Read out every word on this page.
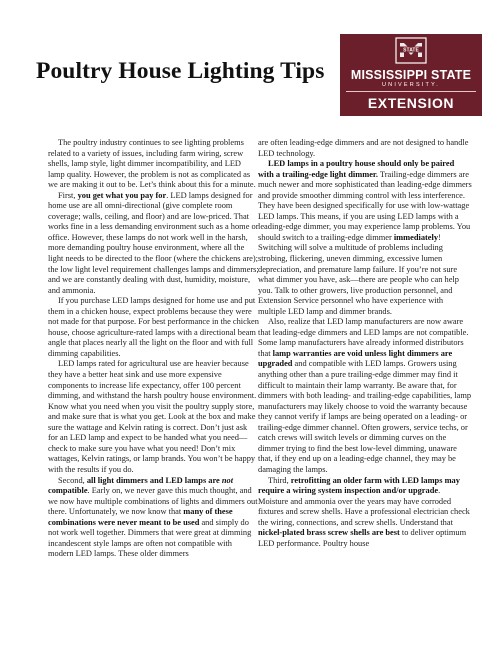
Poultry House Lighting Tips
STATE
MISSISSIPPI STATE
UNIVERSITY.
EXTENSION

The poultry industry continues to see lighting problems related to a variety of issues, including farm wiring, screw shells, lamp style, light dimmer incompatibility, and LED lamp quality. However, the problem is not as complicated as we are making it out to be. Let’s think about this for a minute.

First, you get what you pay for. LED lamps designed for home use are all omni-directional (give complete room coverage; walls, ceiling, and floor) and are low-priced. That works fine in a less demanding environment such as a home or office. However, these lamps do not work well in the harsh, more demanding poultry house environment, where all the light needs to be directed to the floor (where the chickens are); the low light level requirement challenges lamps and dimmers; and we are constantly dealing with dust, humidity, moisture, and ammonia.

If you purchase LED lamps designed for home use and put them in a chicken house, expect problems because they were not made for that purpose. For best performance in the chicken house, choose agriculture-rated lamps with a directional beam angle that places nearly all the light on the floor and with full dimming capabilities.

LED lamps rated for agricultural use are heavier because they have a better heat sink and use more expensive components to increase life expectancy, offer 100 percent dimming, and withstand the harsh poultry house environment. Know what you need when you visit the poultry supply store, and make sure that is what you get. Look at the box and make sure the wattage and Kelvin rating is correct. Don’t just ask for an LED lamp and expect to be handed what you need—check to make sure you have what you need! Don’t mix wattages, Kelvin ratings, or lamp brands. You won’t be happy with the results if you do.

Second, all light dimmers and LED lamps are not compatible. Early on, we never gave this much thought, and we now have multiple combinations of lights and dimmers out there. Unfortunately, we now know that many of these combinations were never meant to be used and simply do not work well together. Dimmers that were great at dimming incandescent style lamps are often not compatible with modern LED lamps. These older dimmers

are often leading-edge dimmers and are not designed to handle LED technology.

LED lamps in a poultry house should only be paired with a trailing-edge light dimmer. Trailing-edge dimmers are much newer and more sophisticated than leading-edge dimmers and provide smoother dimming control with less interference. They have been designed specifically for use with low-wattage LED lamps. This means, if you are using LED lamps with a leading-edge dimmer, you may experience lamp problems. You should switch to a trailing-edge dimmer immediately! Switching will solve a multitude of problems including strobing, flickering, uneven dimming, excessive lumen depreciation, and premature lamp failure. If you’re not sure what dimmer you have, ask—there are people who can help you. Talk to other growers, live production personnel, and Extension Service personnel who have experience with multiple LED lamp and dimmer brands.

Also, realize that LED lamp manufacturers are now aware that leading-edge dimmers and LED lamps are not compatible. Some lamp manufacturers have already informed distributors that lamp warranties are void unless light dimmers are upgraded and compatible with LED lamps. Growers using anything other than a pure trailing-edge dimmer may find it difficult to maintain their lamp warranty. Be aware that, for dimmers with both leading- and trailing-edge capabilities, lamp manufacturers may likely choose to void the warranty because they cannot verify if lamps are being operated on a leading- or trailing-edge dimmer channel. Often growers, service techs, or catch crews will switch levels or dimming curves on the dimmer trying to find the best low-level dimming, unaware that, if they end up on a leading-edge channel, they may be damaging the lamps.

Third, retrofitting an older farm with LED lamps may require a wiring system inspection and/or upgrade. Moisture and ammonia over the years may have corroded fixtures and screw shells. Have a professional electrician check the wiring, connections, and screw shells. Understand that nickel-plated brass screw shells are best to deliver optimum LED performance. Poultry house
